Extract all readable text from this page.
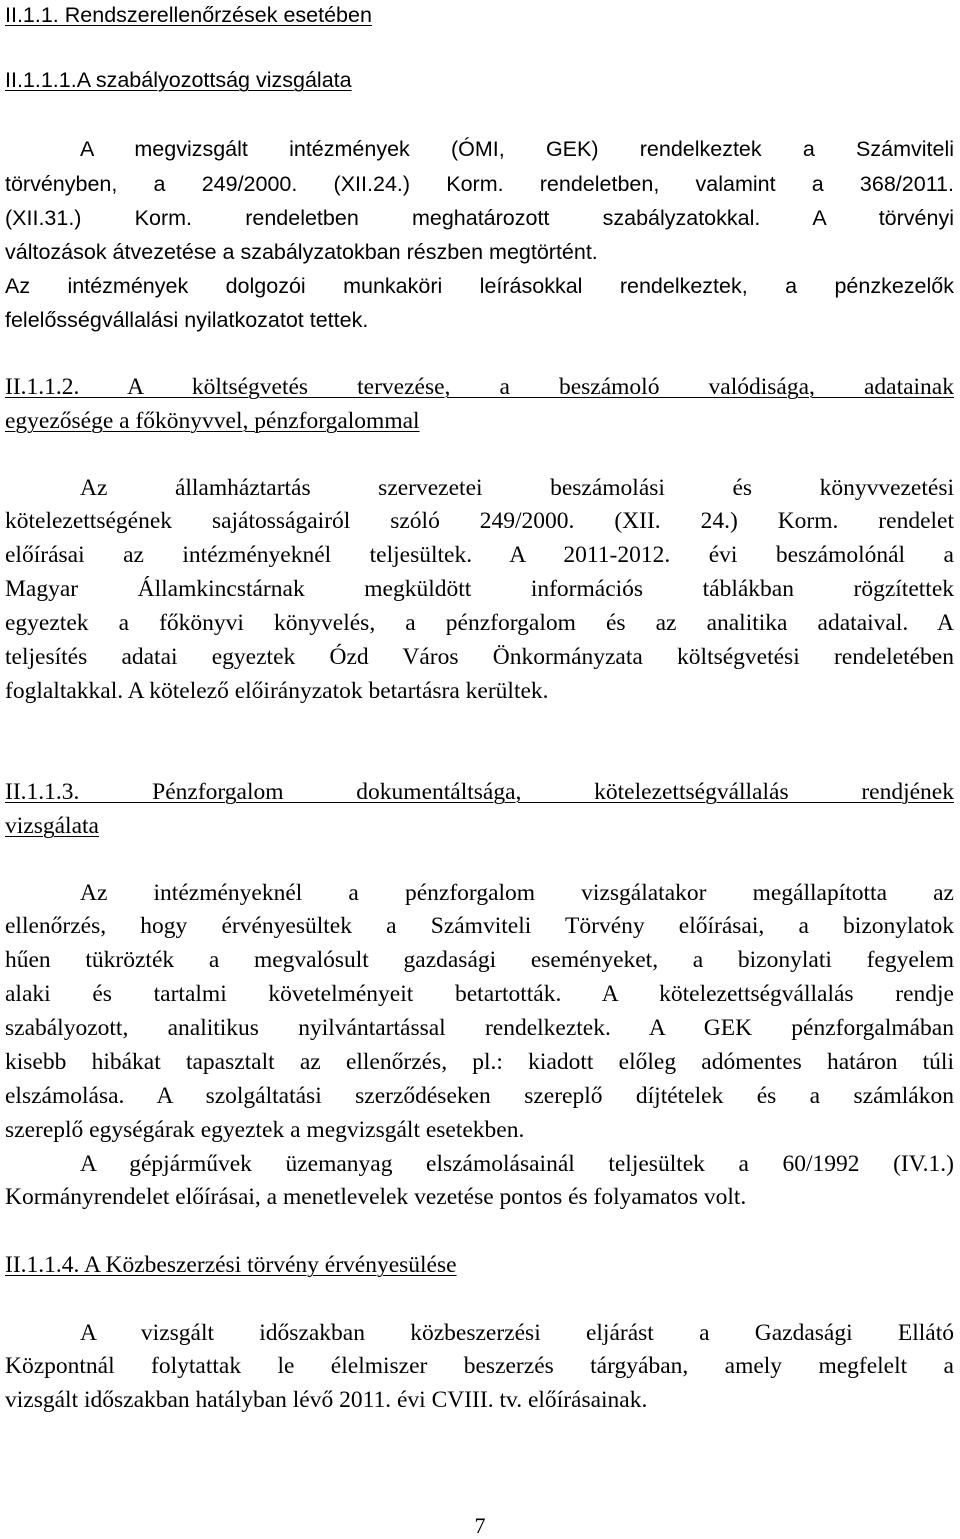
II.1.1. Rendszerellenőrzések esetében
II.1.1.1.A szabályozottság vizsgálata
A megvizsgált intézmények (ÓMI, GEK) rendelkeztek a Számviteli
törvényben, a 249/2000. (XII.24.) Korm. rendeletben, valamint a 368/2011.
(XII.31.) Korm. rendeletben meghatározott szabályzatokkal. A törvényi
változások átvezetése a szabályzatokban részben megtörtént.
Az intézmények dolgozói munkaköri leírásokkal rendelkeztek, a pénzkezelők
felelősségvállalási nyilatkozatot tettek.
II.1.1.2. A költségvetés tervezése, a beszámoló valódisága, adatainak
egyezősége a főkönyvvel, pénzforgalommal
Az államháztartás szervezetei beszámolási és könyvvezetési
kötelezettségének sajátosságairól szóló 249/2000. (XII. 24.) Korm. rendelet
előírásai az intézményeknél teljesültek. A 2011-2012. évi beszámolónál a
Magyar Államkincstárnak megküldött információs táblákban rögzítettek
egyeztek a főkönyvi könyvelés, a pénzforgalom és az analitika adataival. A
teljesítés adatai egyeztek Ózd Város Önkormányzata költségvetési rendeletében
foglaltakkal. A kötelező előirányzatok betartásra kerültek.
II.1.1.3. Pénzforgalom dokumentáltsága, kötelezettségvállalás rendjének
vizsgálata
Az intézményeknél a pénzforgalom vizsgálatakor megállapította az
ellenőrzés, hogy érvényesültek a Számviteli Törvény előírásai, a bizonylatok
hűen tükrözték a megvalósult gazdasági eseményeket, a bizonylati fegyelem
alaki és tartalmi követelményeit betartották. A kötelezettségvállalás rendje
szabályozott, analitikus nyilvántartással rendelkeztek. A GEK pénzforgalmában
kisebb hibákat tapasztalt az ellenőrzés, pl.: kiadott előleg adómentes határon túli
elszámolása. A szolgáltatási szerződéseken szereplő díjtételek és a számlákon
szereplő egységárak egyeztek a megvizsgált esetekben.
A gépjárművek üzemanyag elszámolásainál teljesültek a 60/1992 (IV.1.)
Kormányrendelet előírásai, a menetlevelek vezetése pontos és folyamatos volt.
II.1.1.4. A Közbeszerzési törvény érvényesülése
A vizsgált időszakban közbeszerzési eljárást a Gazdasági Ellátó
Központnál folytattak le élelmiszer beszerzés tárgyában, amely megfelelt a
vizsgált időszakban hatályban lévő 2011. évi CVIII. tv. előírásainak.
7
